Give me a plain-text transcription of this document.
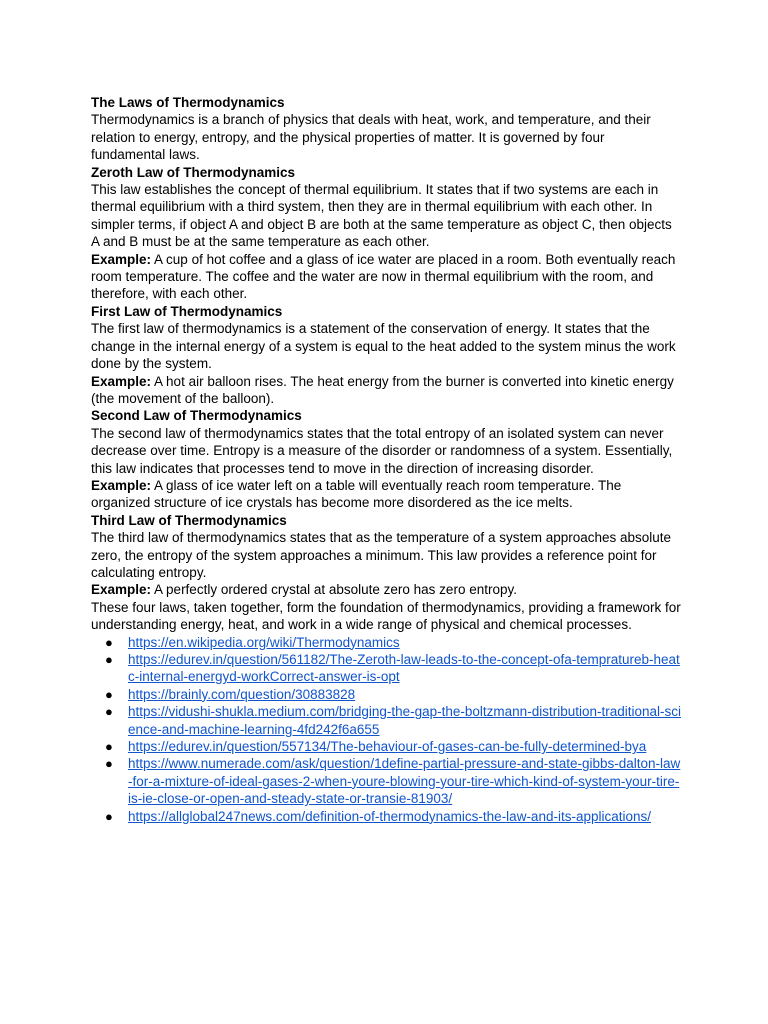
The Laws of Thermodynamics

Thermodynamics is a branch of physics that deals with heat, work, and temperature, and their relation to energy, entropy, and the physical properties of matter. It is governed by four fundamental laws.

Zeroth Law of Thermodynamics

This law establishes the concept of thermal equilibrium. It states that if two systems are each in thermal equilibrium with a third system, then they are in thermal equilibrium with each other. In simpler terms, if object A and object B are both at the same temperature as object C, then objects A and B must be at the same temperature as each other.

Example: A cup of hot coffee and a glass of ice water are placed in a room. Both eventually reach room temperature. The coffee and the water are now in thermal equilibrium with the room, and therefore, with each other.

First Law of Thermodynamics

The first law of thermodynamics is a statement of the conservation of energy. It states that the change in the internal energy of a system is equal to the heat added to the system minus the work done by the system.

Example: A hot air balloon rises. The heat energy from the burner is converted into kinetic energy (the movement of the balloon).

Second Law of Thermodynamics

The second law of thermodynamics states that the total entropy of an isolated system can never decrease over time. Entropy is a measure of the disorder or randomness of a system. Essentially, this law indicates that processes tend to move in the direction of increasing disorder.

Example: A glass of ice water left on a table will eventually reach room temperature. The organized structure of ice crystals has become more disordered as the ice melts.

Third Law of Thermodynamics

The third law of thermodynamics states that as the temperature of a system approaches absolute zero, the entropy of the system approaches a minimum. This law provides a reference point for calculating entropy.

Example: A perfectly ordered crystal at absolute zero has zero entropy.

These four laws, taken together, form the foundation of thermodynamics, providing a framework for understanding energy, heat, and work in a wide range of physical and chemical processes.

● https://en.wikipedia.org/wiki/Thermodynamics
● https://edurev.in/question/561182/The-Zeroth-law-leads-to-the-concept-ofa-tempratureb-heatc-internal-energyd-workCorrect-answer-is-opt
● https://brainly.com/question/30883828
● https://vidushi-shukla.medium.com/bridging-the-gap-the-boltzmann-distribution-traditional-science-and-machine-learning-4fd242f6a655
● https://edurev.in/question/557134/The-behaviour-of-gases-can-be-fully-determined-bya
● https://www.numerade.com/ask/question/1define-partial-pressure-and-state-gibbs-dalton-law-for-a-mixture-of-ideal-gases-2-when-youre-blowing-your-tire-which-kind-of-system-your-tire-is-ie-close-or-open-and-steady-state-or-transie-81903/
● https://allglobal247news.com/definition-of-thermodynamics-the-law-and-its-applications/
